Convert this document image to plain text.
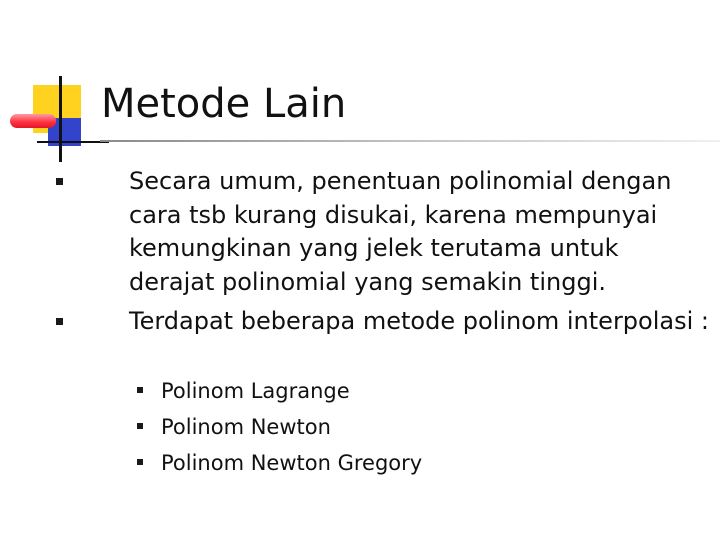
Metode Lain
Secara umum, penentuan polinomial dengan cara tsb kurang disukai, karena mempunyai kemungkinan yang jelek terutama untuk derajat polinomial yang semakin tinggi.
Terdapat beberapa metode polinom interpolasi :
Polinom Lagrange
Polinom Newton
Polinom Newton Gregory
